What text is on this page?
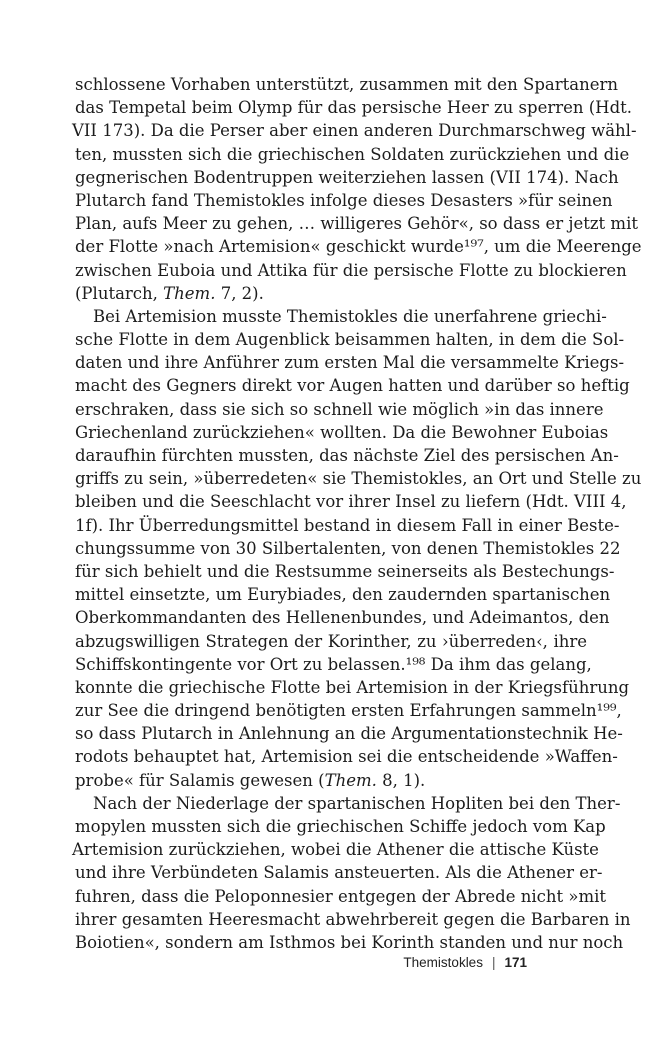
schlossene Vorhaben unterstützt, zusammen mit den Spartanern
das Tempetal beim Olymp für das persische Heer zu sperren (Hdt.
VII 173). Da die Perser aber einen anderen Durchmarschweg wähl-
ten, mussten sich die griechischen Soldaten zurückziehen und die
gegnerischen Bodentruppen weiterziehen lassen (VII 174). Nach
Plutarch fand Themistokles infolge dieses Desasters »für seinen
Plan, aufs Meer zu gehen, … willigeres Gehör«, so dass er jetzt mit
der Flotte »nach Artemision« geschickt wurde¹⁹⁷, um die Meerenge
zwischen Euboia und Attika für die persische Flotte zu blockieren
(Plutarch, Them. 7, 2).
Bei Artemision musste Themistokles die unerfahrene griechi-
sche Flotte in dem Augenblick beisammen halten, in dem die Sol-
daten und ihre Anführer zum ersten Mal die versammelte Kriegs-
macht des Gegners direkt vor Augen hatten und darüber so heftig
erschraken, dass sie sich so schnell wie möglich »in das innere
Griechenland zurückziehen« wollten. Da die Bewohner Euboias
daraufhin fürchten mussten, das nächste Ziel des persischen An-
griffs zu sein, »überredeten« sie Themistokles, an Ort und Stelle zu
bleiben und die Seeschlacht vor ihrer Insel zu liefern (Hdt. VIII 4,
1f). Ihr Überredungsmittel bestand in diesem Fall in einer Beste-
chungssumme von 30 Silbertalenten, von denen Themistokles 22
für sich behielt und die Restsumme seinerseits als Bestechungs-
mittel einsetzte, um Eurybiades, den zaudernden spartanischen
Oberkommandanten des Hellenenbundes, und Adeimantos, den
abzugswilligen Strategen der Korinther, zu ›überreden‹, ihre
Schiffskontingente vor Ort zu belassen.¹⁹⁸ Da ihm das gelang,
konnte die griechische Flotte bei Artemision in der Kriegsführung
zur See die dringend benötigten ersten Erfahrungen sammeln¹⁹⁹,
so dass Plutarch in Anlehnung an die Argumentationstechnik He-
rodots behauptet hat, Artemision sei die entscheidende »Waffen-
probe« für Salamis gewesen (Them. 8, 1).
Nach der Niederlage der spartanischen Hopliten bei den Ther-
mopylen mussten sich die griechischen Schiffe jedoch vom Kap
Artemision zurückziehen, wobei die Athener die attische Küste
und ihre Verbündeten Salamis ansteuerten. Als die Athener er-
fuhren, dass die Peloponnesier entgegen der Abrede nicht »mit
ihrer gesamten Heeresmacht abwehrbereit gegen die Barbaren in
Boiotien«, sondern am Isthmos bei Korinth standen und nur noch
Themistokles | 171
